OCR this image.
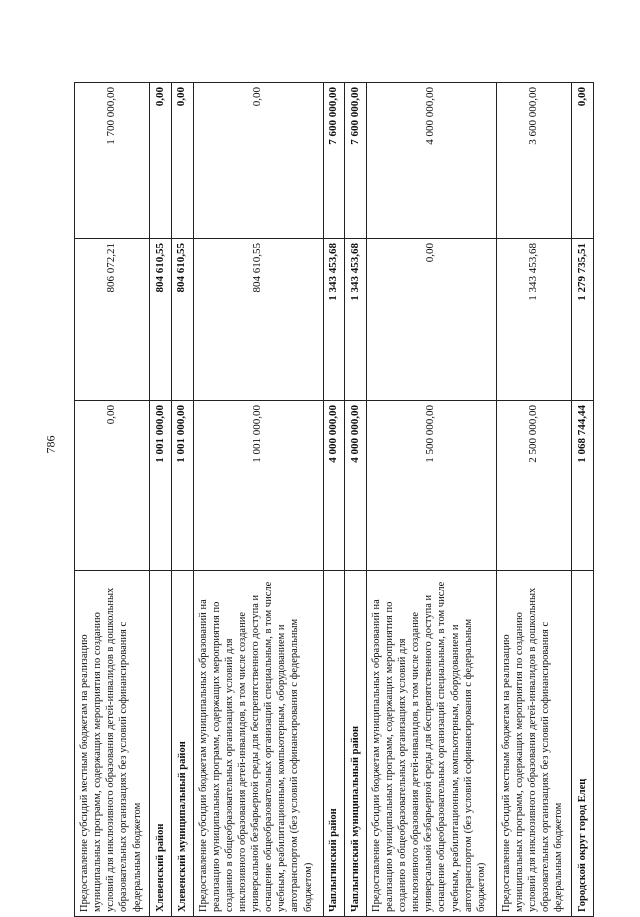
786
Предоставление субсидий местным бюджетам на реализацию муниципальных программ, содержащих мероприятия по созданию условий для инклюзивного образования детей-инвалидов в дошкольных образовательных организациях без условий софинансирования с федеральным бюджетом	0,00	806 072,21	1 700 000,00
Хлевенский район	1 001 000,00	804 610,55	0,00
Хлевенский муниципальный район	1 001 000,00	804 610,55	0,00
Предоставление субсидии бюджетам муниципальных образований на реализацию муниципальных программ, содержащих мероприятия по созданию в общеобразовательных организациях условий для инклюзивного образования детей-инвалидов, в том числе создание универсальной безбарьерной среды для беспрепятственного доступа и оснащение общеобразовательных организаций специальным, в том числе учебным, реабилитационным, компьютерным, оборудованием и автотранспортом (без условий софинансирования с федеральным бюджетом)	1 001 000,00	804 610,55	0,00
Чаплыгинский район	4 000 000,00	1 343 453,68	7 600 000,00
Чаплыгинский муниципальный район	4 000 000,00	1 343 453,68	7 600 000,00
Предоставление субсидии бюджетам муниципальных образований на реализацию муниципальных программ, содержащих мероприятия по созданию в общеобразовательных организациях условий для инклюзивного образования детей-инвалидов, в том числе создание универсальной безбарьерной среды для беспрепятственного доступа и оснащение общеобразовательных организаций специальным, в том числе учебным, реабилитационным, компьютерным, оборудованием и автотранспортом (без условий софинансирования с федеральным бюджетом)	1 500 000,00	0,00	4 000 000,00
Предоставление субсидий местным бюджетам на реализацию муниципальных программ, содержащих мероприятия по созданию условий для инклюзивного образования детей-инвалидов в дошкольных образовательных организациях без условий софинансирования с федеральным бюджетом	2 500 000,00	1 343 453,68	3 600 000,00
Городской округ город Елец	1 068 744,44	1 279 735,51	0,00
